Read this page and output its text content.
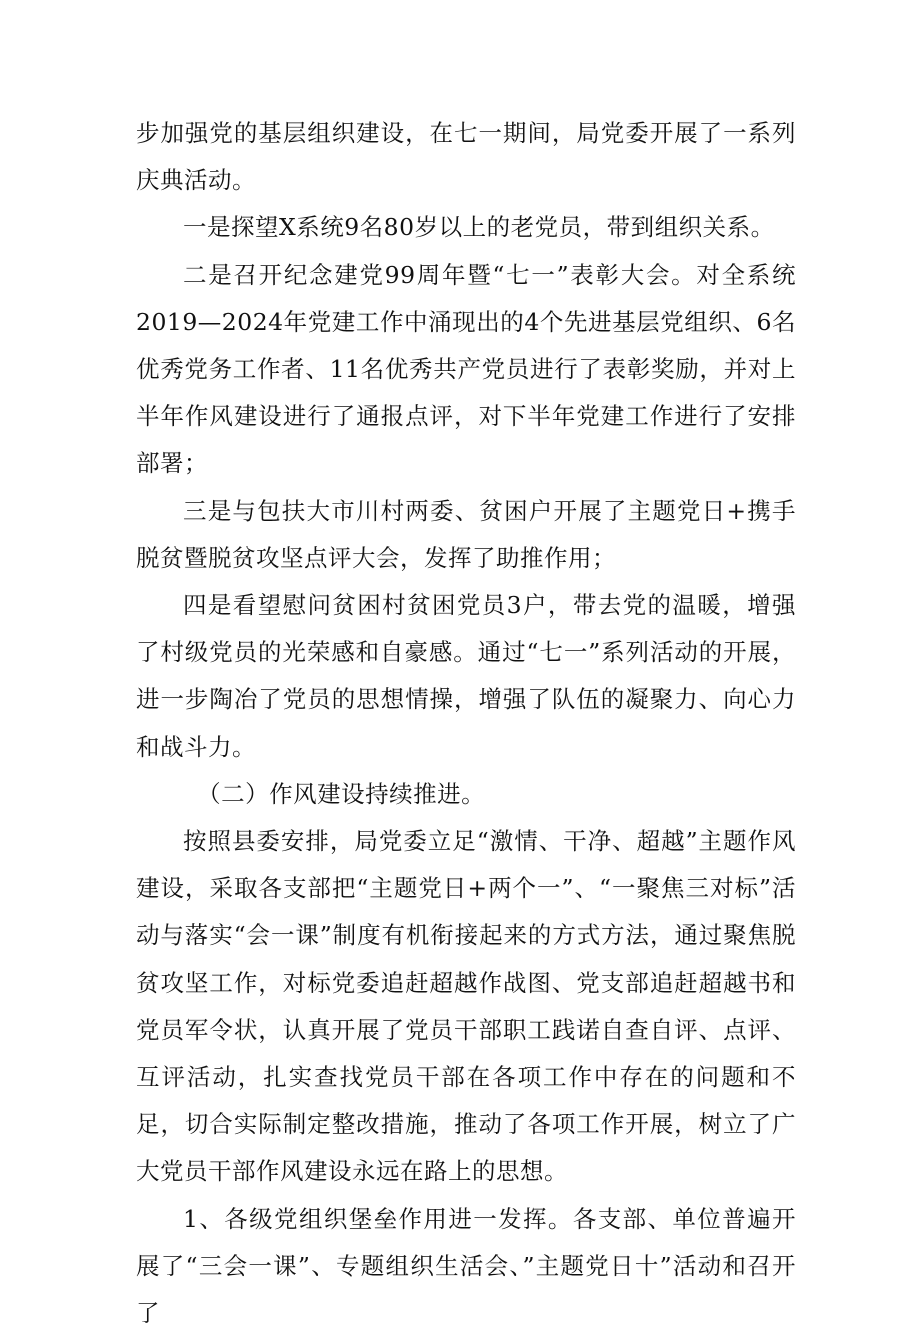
步加强党的基层组织建设，在七一期间，局党委开展了一系列庆典活动。

一是探望X系统9名80岁以上的老党员，带到组织关系。

二是召开纪念建党99周年暨“七一”表彰大会。对全系统2019—2024年党建工作中涌现出的4个先进基层党组织、6名优秀党务工作者、11名优秀共产党员进行了表彰奖励，并对上半年作风建设进行了通报点评，对下半年党建工作进行了安排部署；

三是与包扶大市川村两委、贫困户开展了主题党日+携手脱贫暨脱贫攻坚点评大会，发挥了助推作用；

四是看望慰问贫困村贫困党员3户，带去党的温暖，增强了村级党员的光荣感和自豪感。通过“七一”系列活动的开展，进一步陶冶了党员的思想情操，增强了队伍的凝聚力、向心力和战斗力。

（二）作风建设持续推进。

按照县委安排，局党委立足“激情、干净、超越”主题作风建设，采取各支部把“主题党日+两个一”、“一聚焦三对标”活动与落实“会一课”制度有机衔接起来的方式方法，通过聚焦脱贫攻坚工作，对标党委追赶超越作战图、党支部追赶超越书和党员军令状，认真开展了党员干部职工践诺自查自评、点评、互评活动，扎实查找党员干部在各项工作中存在的问题和不足，切合实际制定整改措施，推动了各项工作开展，树立了广大党员干部作风建设永远在路上的思想。

1、各级党组织堡垒作用进一发挥。各支部、单位普遍开展了“三会一课”、专题组织生活会、”主题党日十”活动和召开了
